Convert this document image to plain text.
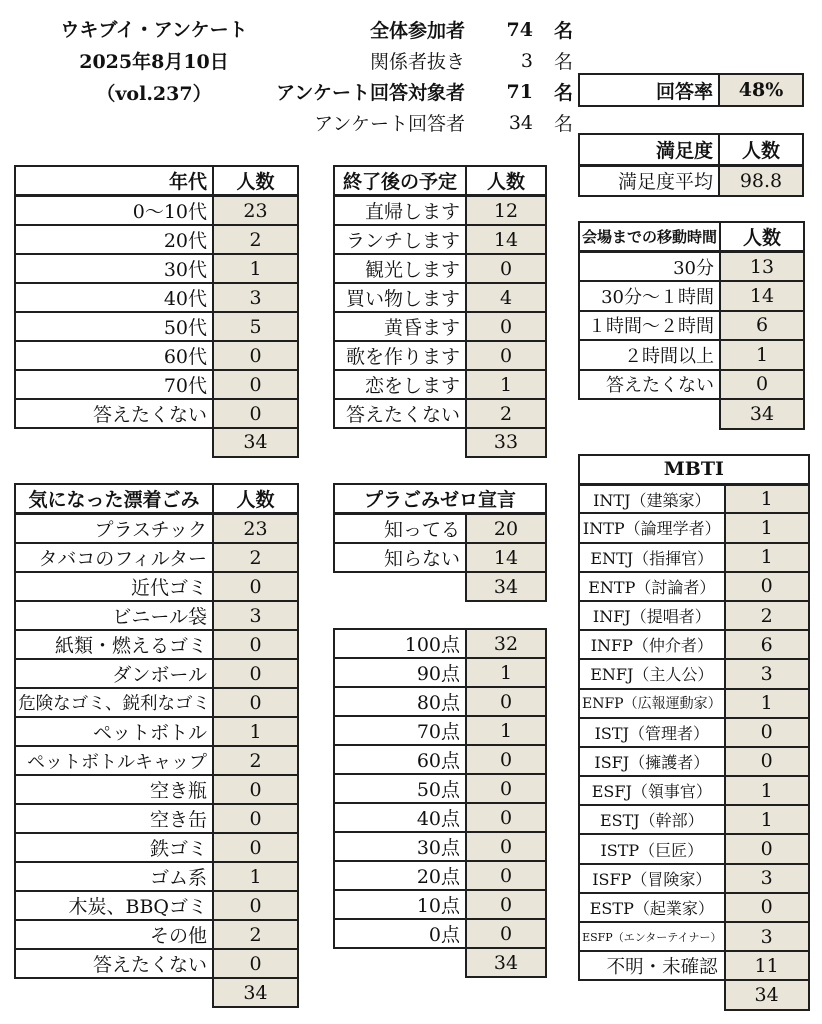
ウキブイ・アンケート
2025年8月10日（vol.237）
全体参加者	74	名
関係者抜き	3	名
アンケート回答対象者	71	名
アンケート回答者	34	名
回答率	48%
満足度	人数
満足度平均	98.8
年代	人数
0～10代	23
20代	2
30代	1
40代	3
50代	5
60代	0
70代	0
答えたくない	0
	34
終了後の予定	人数
直帰します	12
ランチします	14
観光します	0
買い物します	4
黄昏ます	0
歌を作ります	0
恋をします	1
答えたくない	2
	33
会場までの移動時間	人数
30分	13
30分～１時間	14
１時間～２時間	6
２時間以上	1
答えたくない	0
	34
気になった漂着ごみ	人数
プラスチック	23
タバコのフィルター	2
近代ゴミ	0
ビニール袋	3
紙類・燃えるゴミ	0
ダンボール	0
危険なゴミ、鋭利なゴミ	0
ペットボトル	1
ペットボトルキャップ	2
空き瓶	0
空き缶	0
鉄ゴミ	0
ゴム系	1
木炭、BBQゴミ	0
その他	2
答えたくない	0
	34
プラごみゼロ宣言	
知ってる	20
知らない	14
	34
100点	32
90点	1
80点	0
70点	1
60点	0
50点	0
40点	0
30点	0
20点	0
10点	0
0点	0
	34
MBTI	
INTJ（建築家）	1
INTP（論理学者）	1
ENTJ（指揮官）	1
ENTP（討論者）	0
INFJ（提唱者）	2
INFP（仲介者）	6
ENFJ（主人公）	3
ENFP（広報運動家）	1
ISTJ（管理者）	0
ISFJ（擁護者）	0
ESFJ（領事官）	1
ESTJ（幹部）	1
ISTP（巨匠）	0
ISFP（冒険家）	3
ESTP（起業家）	0
ESFP（エンターテイナー）	3
不明・未確認	11
	34
